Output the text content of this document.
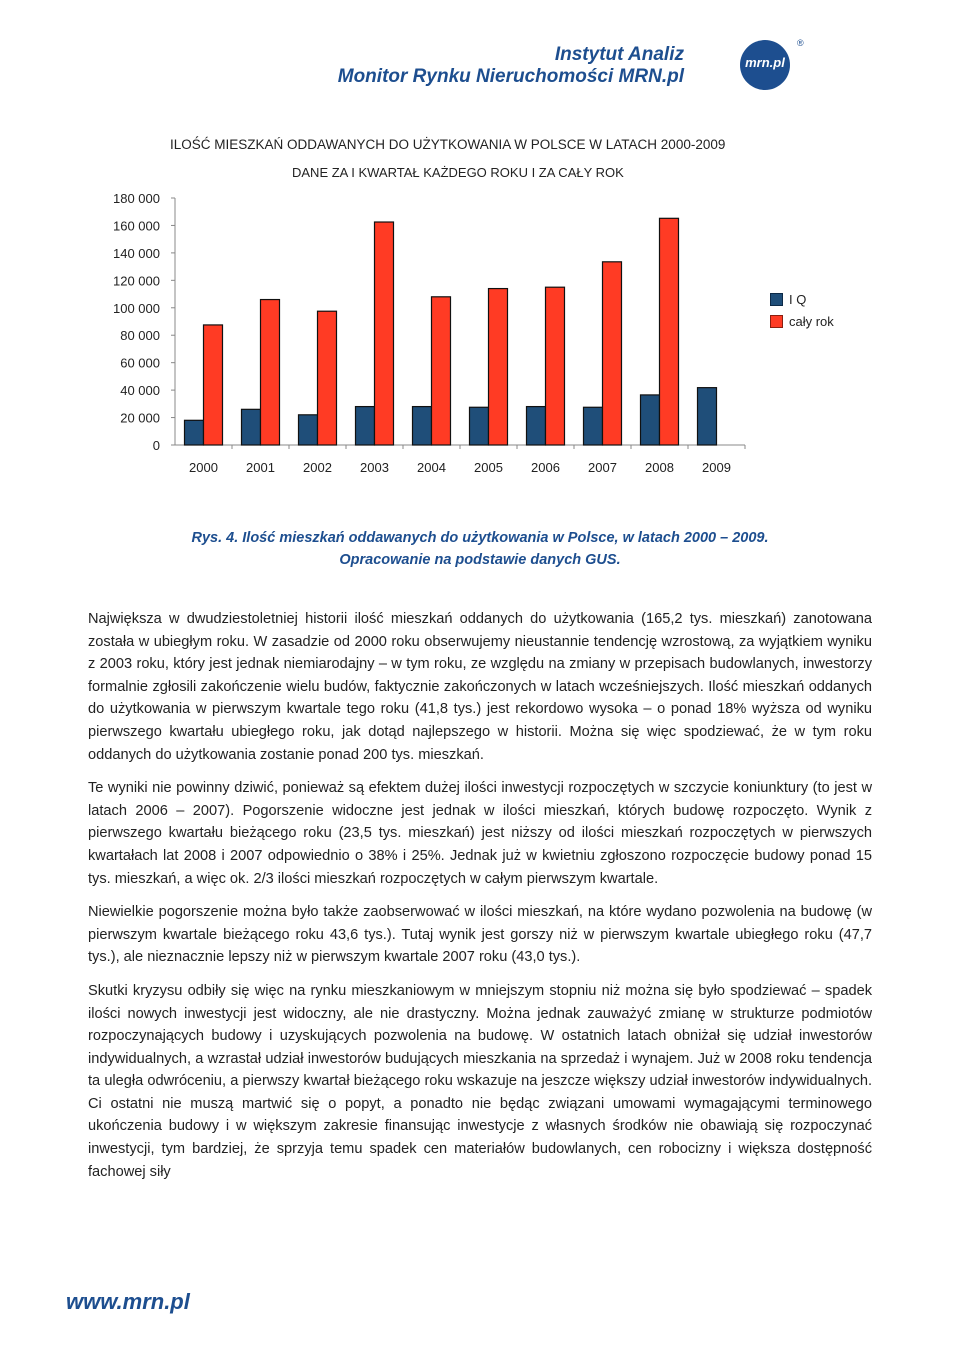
Instytut Analiz
Monitor Rynku Nieruchomości MRN.pl
mrn.pl
®
ILOŚĆ MIESZKAŃ ODDAWANYCH DO UŻYTKOWANIA W POLSCE W LATACH 2000-2009
DANE ZA I KWARTAŁ KAŻDEGO ROKU I ZA CAŁY ROK
0
20 000
40 000
60 000
80 000
100 000
120 000
140 000
160 000
180 000
2000 2001 2002 2003 2004 2005 2006 2007 2008 2009
I Q
cały rok
Rys. 4. Ilość mieszkań oddawanych do użytkowania w Polsce, w latach 2000 – 2009.
Opracowanie na podstawie danych GUS.

Największa w dwudziestoletniej historii ilość mieszkań oddanych do użytkowania (165,2 tys. mieszkań) zanotowana została w ubiegłym roku. W zasadzie od 2000 roku obserwujemy nieustannie tendencję wzrostową, za wyjątkiem wyniku z 2003 roku, który jest jednak niemiarodajny – w tym roku, ze względu na zmiany w przepisach budowlanych, inwestorzy formalnie zgłosili zakończenie wielu budów, faktycznie zakończonych w latach wcześniejszych. Ilość mieszkań oddanych do użytkowania w pierwszym kwartale tego roku (41,8 tys.) jest rekordowo wysoka – o ponad 18% wyższa od wyniku pierwszego kwartału ubiegłego roku, jak dotąd najlepszego w historii. Można się więc spodziewać, że w tym roku oddanych do użytkowania zostanie ponad 200 tys. mieszkań.

Te wyniki nie powinny dziwić, ponieważ są efektem dużej ilości inwestycji rozpoczętych w szczycie koniunktury (to jest w latach 2006 – 2007). Pogorszenie widoczne jest jednak w ilości mieszkań, których budowę rozpoczęto. Wynik z pierwszego kwartału bieżącego roku (23,5 tys. mieszkań) jest niższy od ilości mieszkań rozpoczętych w pierwszych kwartałach lat 2008 i 2007 odpowiednio o 38% i 25%. Jednak już w kwietniu zgłoszono rozpoczęcie budowy ponad 15 tys. mieszkań, a więc ok. 2/3 ilości mieszkań rozpoczętych w całym pierwszym kwartale.

Niewielkie pogorszenie można było także zaobserwować w ilości mieszkań, na które wydano pozwolenia na budowę (w pierwszym kwartale bieżącego roku 43,6 tys.). Tutaj wynik jest gorszy niż w pierwszym kwartale ubiegłego roku (47,7 tys.), ale nieznacznie lepszy niż w pierwszym kwartale 2007 roku (43,0 tys.).

Skutki kryzysu odbiły się więc na rynku mieszkaniowym w mniejszym stopniu niż można się było spodziewać – spadek ilości nowych inwestycji jest widoczny, ale nie drastyczny. Można jednak zauważyć zmianę w strukturze podmiotów rozpoczynających budowy i uzyskujących pozwolenia na budowę. W ostatnich latach obniżał się udział inwestorów indywidualnych, a wzrastał udział inwestorów budujących mieszkania na sprzedaż i wynajem. Już w 2008 roku tendencja ta uległa odwróceniu, a pierwszy kwartał bieżącego roku wskazuje na jeszcze większy udział inwestorów indywidualnych. Ci ostatni nie muszą martwić się o popyt, a ponadto nie będąc związani umowami wymagającymi terminowego ukończenia budowy i w większym zakresie finansując inwestycje z własnych środków nie obawiają się rozpoczynać inwestycji, tym bardziej, że sprzyja temu spadek cen materiałów budowlanych, cen robocizny i większa dostępność fachowej siły

www.mrn.pl
